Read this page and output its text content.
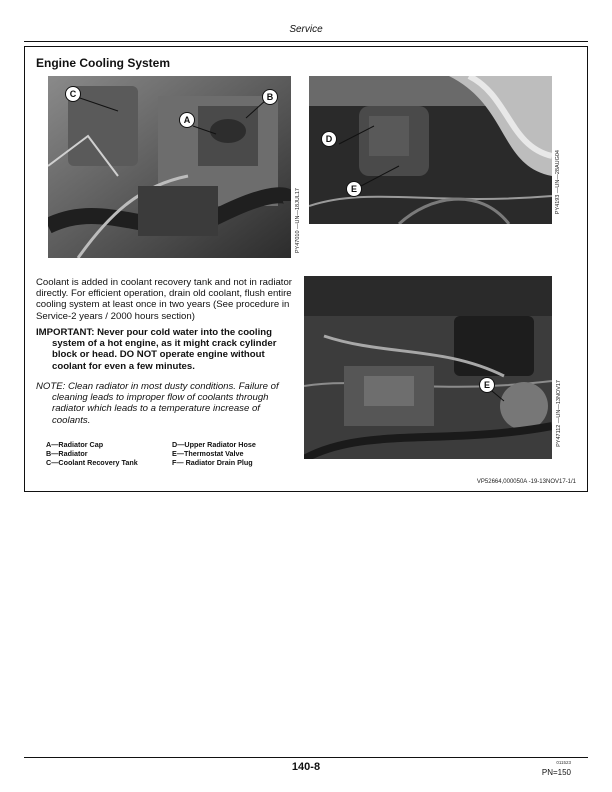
Service
Engine Cooling System
C	B
A
PY47010 —UN—18JUL17
D
E	PY4193 —UN—28AUG04
E	PY47112 —UN—13NOV17
Coolant is added in coolant recovery tank and not in radiator directly. For efficient operation, drain old coolant, flush entire cooling system at least once in two years (See procedure in Service-2 years / 2000 hours section)
IMPORTANT: Never pour cold water into the cooling system of a hot engine, as it might crack cylinder block or head. DO NOT operate engine without coolant for even a few minutes.
NOTE: Clean radiator in most dusty conditions. Failure of cleaning leads to improper flow of coolants through radiator which leads to a temperature increase of coolants.
A—Radiator Cap
B—Radiator
C—Coolant Recovery Tank
D—Upper Radiator Hose
E—Thermostat Valve
F— Radiator Drain Plug
VP52664,000050A -19-13NOV17-1/1
140-8	011523
PN=150
